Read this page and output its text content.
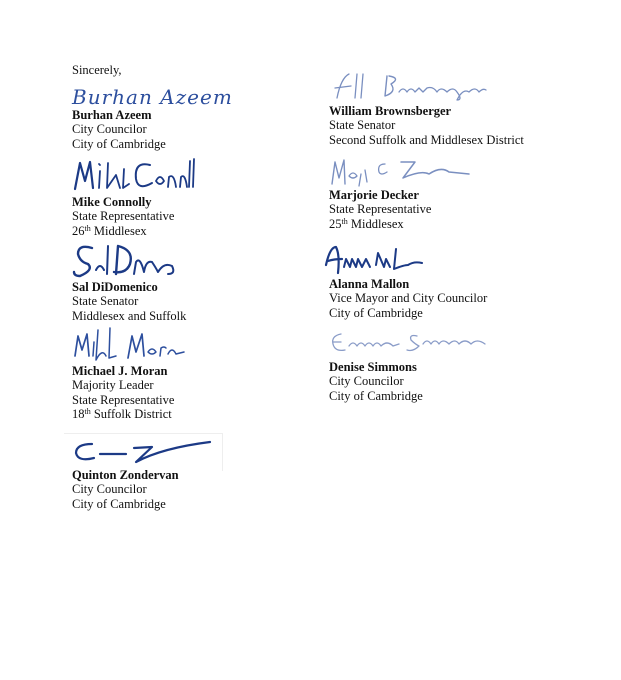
Sincerely,
Burhan Azeem
Burhan Azeem
City Councilor
City of Cambridge
Mike Connolly
State Representative
26th Middlesex
Sal DiDomenico
State Senator
Middlesex and Suffolk
Michael J. Moran
Majority Leader
State Representative
18th Suffolk District
Quinton Zondervan
City Councilor
City of Cambridge
William Brownsberger
State Senator
Second Suffolk and Middlesex District
Marjorie Decker
State Representative
25th Middlesex
Alanna Mallon
Vice Mayor and City Councilor
City of Cambridge
Denise Simmons
City Councilor
City of Cambridge
